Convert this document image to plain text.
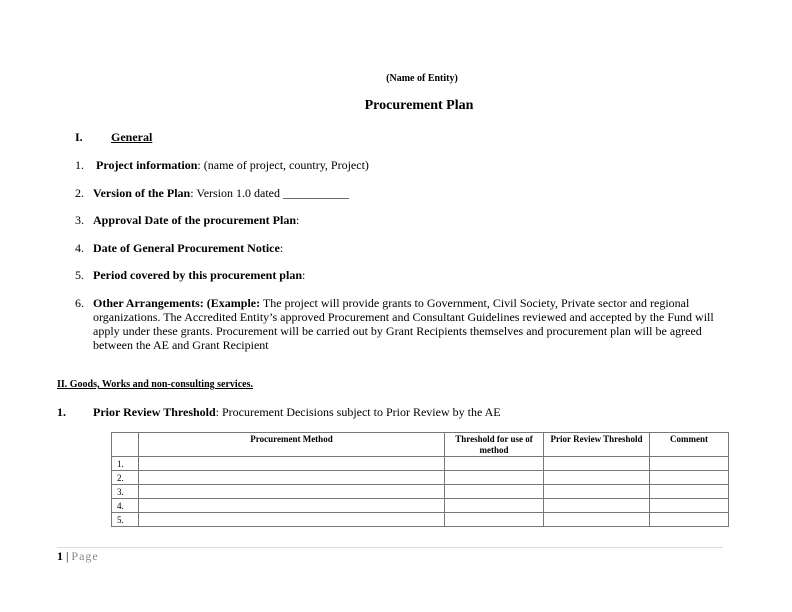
(Name of Entity)
Procurement Plan
I. General
1.	Project information: (name of project, country, Project)
2. Version of the Plan: Version 1.0 dated ___________
3. Approval Date of the procurement Plan:
4. Date of General Procurement Notice:
5. Period covered by this procurement plan:
6. Other Arrangements: (Example: The project will provide grants to Government, Civil Society, Private sector and regional organizations. The Accredited Entity’s approved Procurement and Consultant Guidelines reviewed and accepted by the Fund will apply under these grants. Procurement will be carried out by Grant Recipients themselves and procurement plan will be agreed between the AE and Grant Recipient
II. Goods, Works and non-consulting services.
1. Prior Review Threshold: Procurement Decisions subject to Prior Review by the AE
	Procurement Method	Threshold for use of method	Prior Review Threshold	Comment
1.				
2.				
3.				
4.				
5.				
1 | Page
